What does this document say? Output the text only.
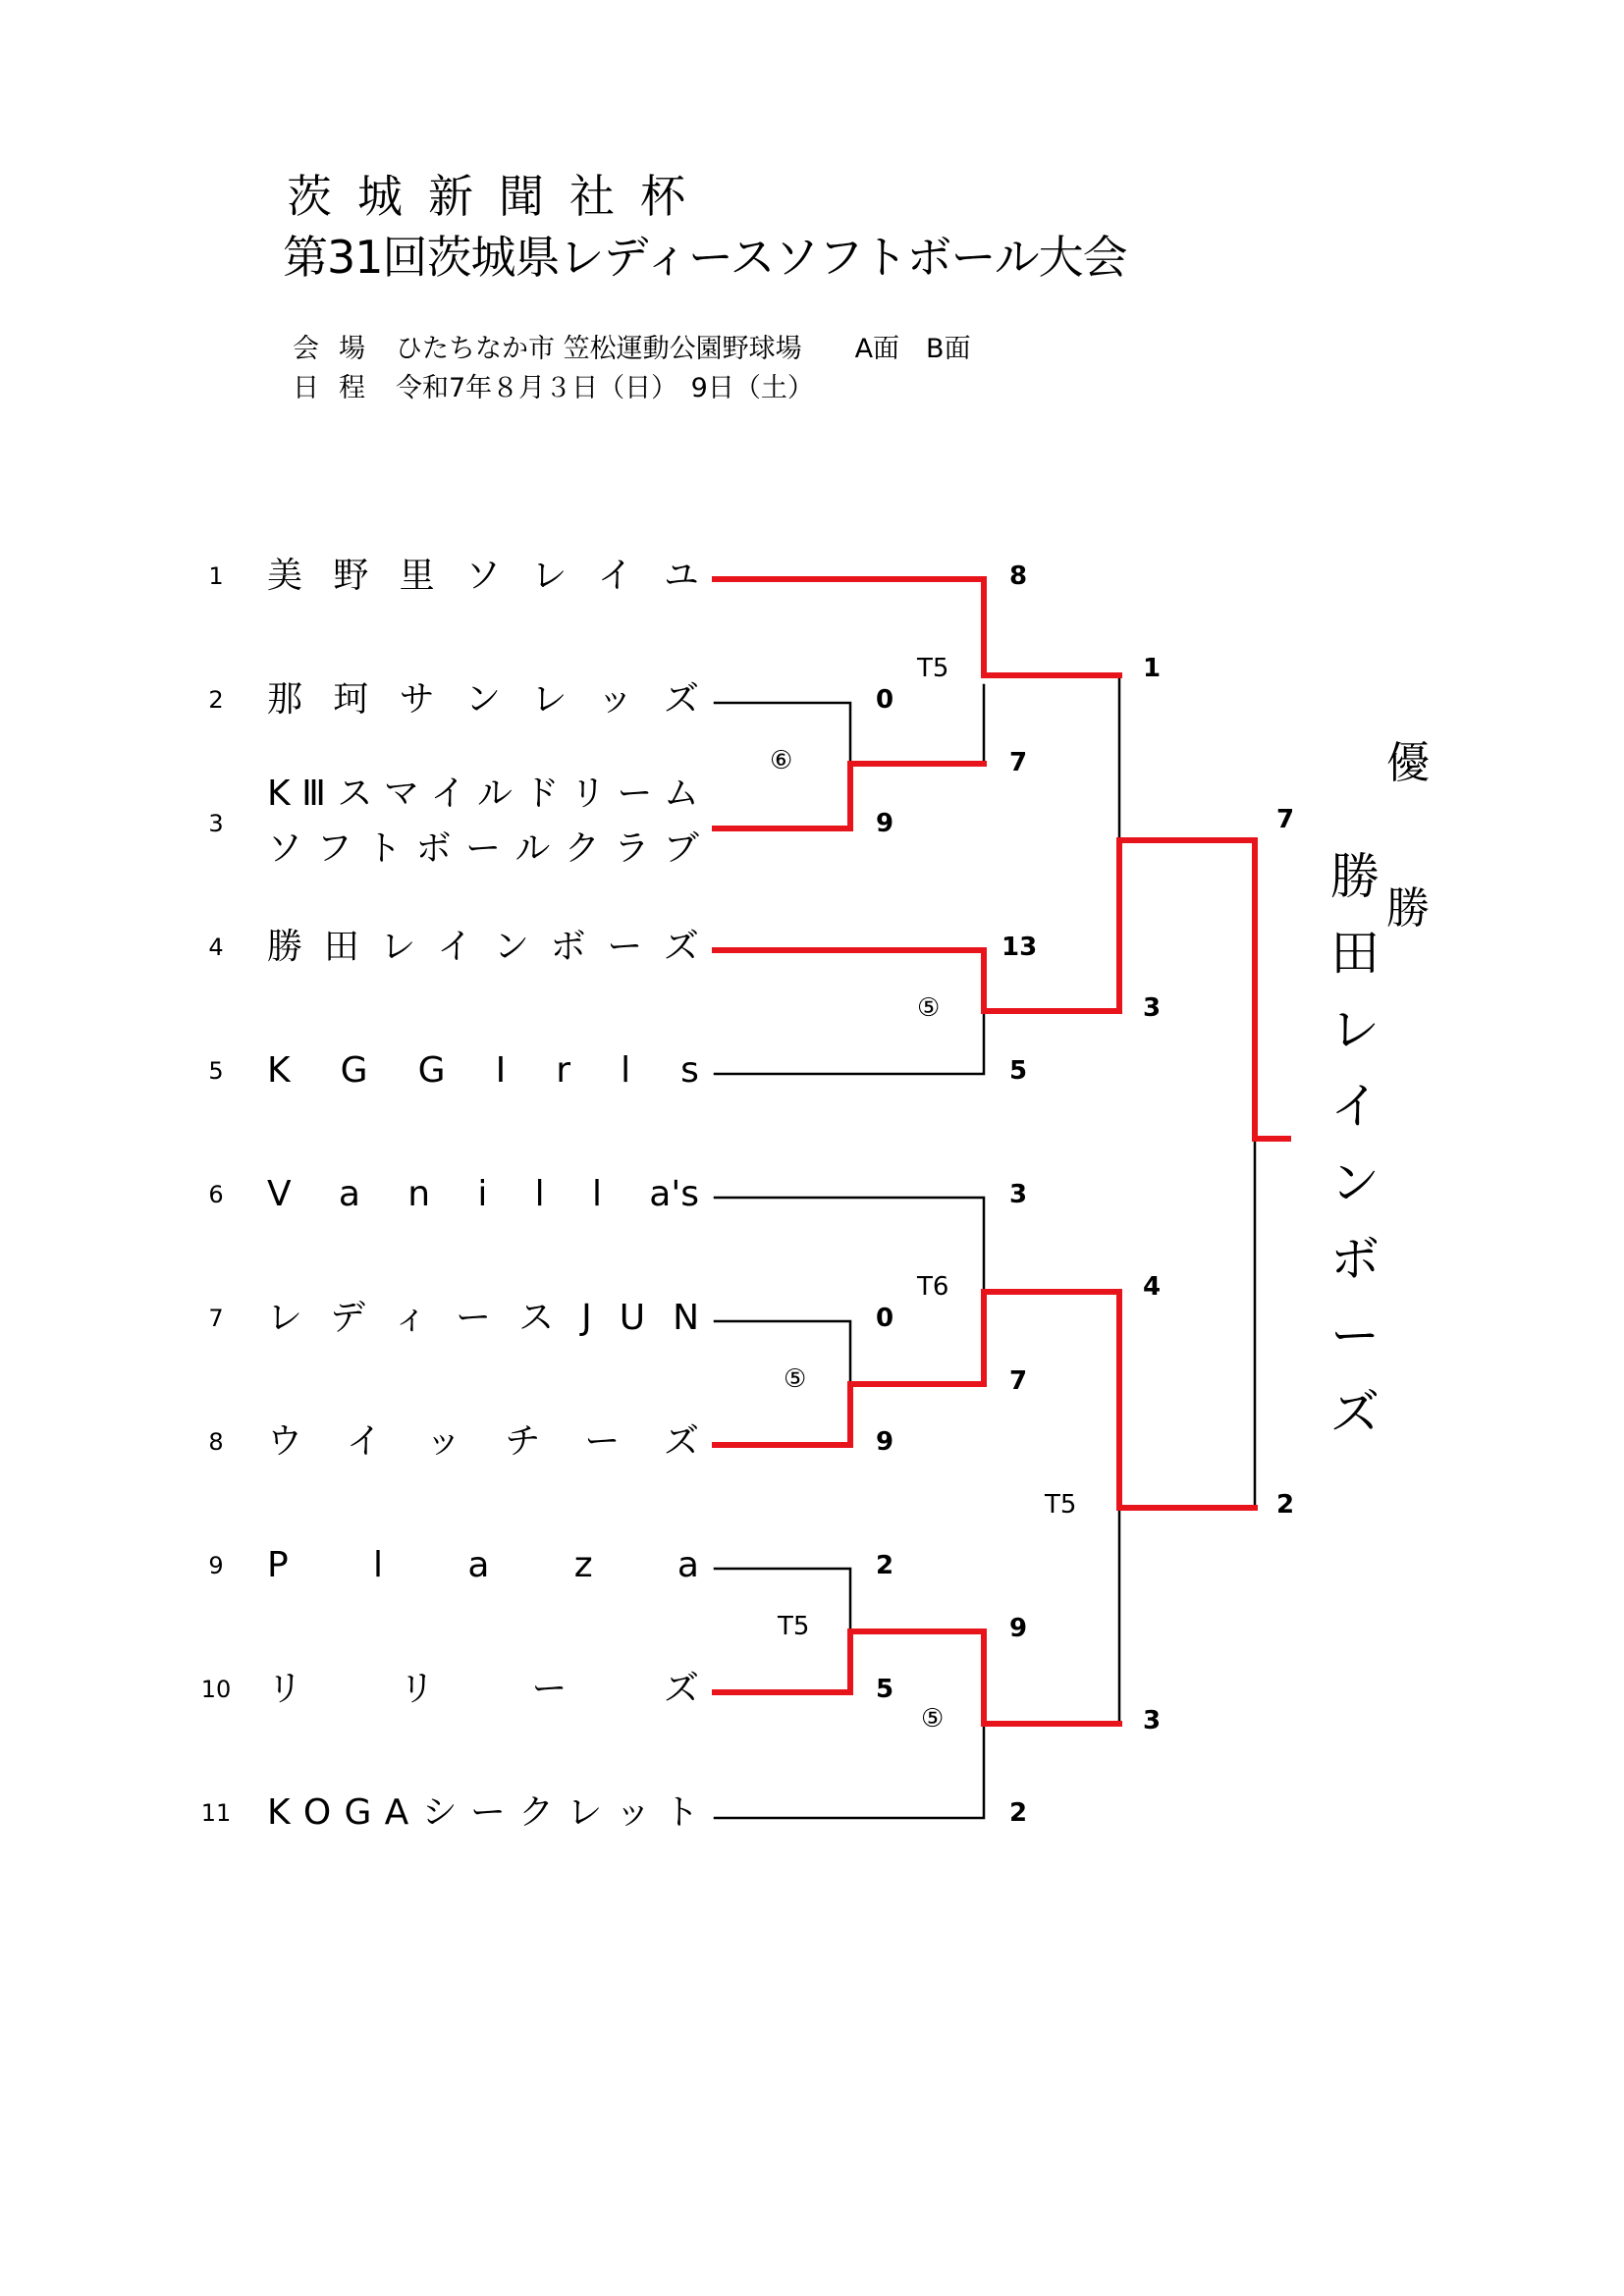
茨城新聞社杯
第31回茨城県レディースソフトボール大会
会場 ひたちなか市 笠松運動公園野球場　　A面　B面
日程 令和7年８月３日（日）　9日（土）
1
2
3
4
5
6
7
8
9
10
11
美 野 里 ソ レ イ ユ
那 珂 サ ン レ ッ ズ
K Ⅲ ス マ イ ル ド リ ー ム
ソ フ ト ボ ー ル ク ラ ブ
勝 田 レ イ ン ボ ー ズ
K G G I r l s
V a n i l l a's
レ デ ィ ー ス J U N
ウ イ ッ チ ー ズ
P l a z a
リ	リ	ー	ズ
K O G A シ ー ク レ ッ ト
8
0
7
9
13
5
3
0
7
9
2
9
5
2
1
3
4
3
7
2
T5
⑥
⑤
T6
⑤
T5
T5
⑤
優
勝
勝
田
レ
イ
ン
ボ
ー
ズ
